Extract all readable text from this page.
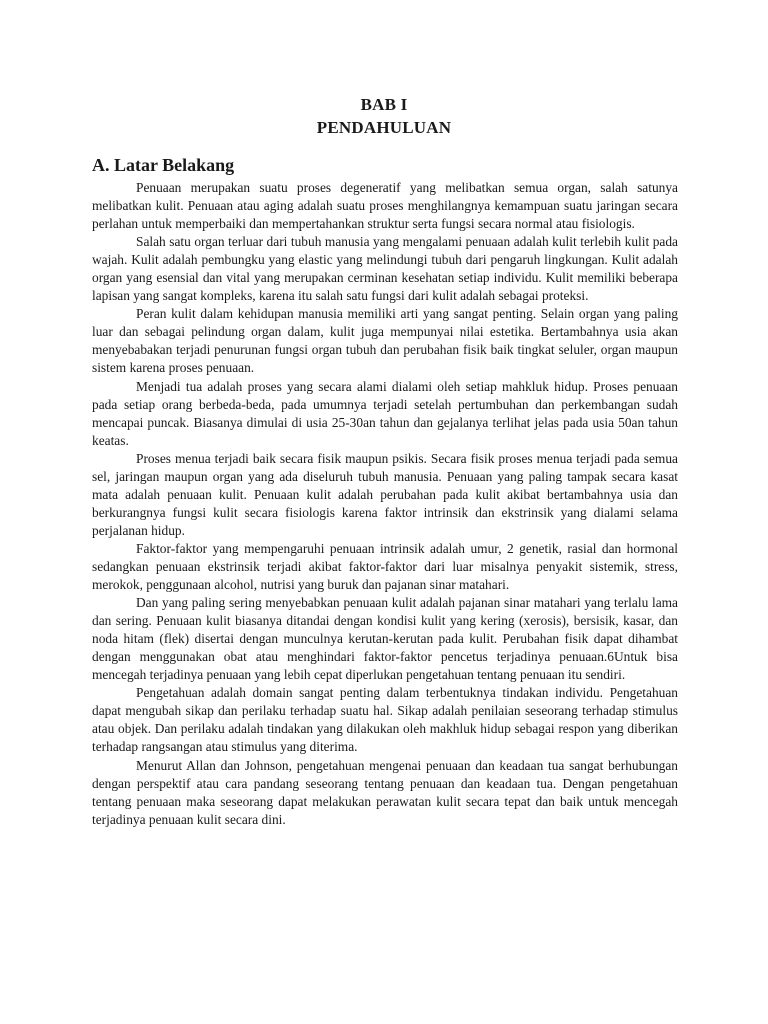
BAB I
PENDAHULUAN
A. Latar Belakang

Penuaan merupakan suatu proses degeneratif yang melibatkan semua organ, salah satunya melibatkan kulit. Penuaan atau aging adalah suatu proses menghilangnya kemampuan suatu jaringan secara perlahan untuk memperbaiki dan mempertahankan struktur serta fungsi secara normal atau fisiologis.

Salah satu organ terluar dari tubuh manusia yang mengalami penuaan adalah kulit terlebih kulit pada wajah. Kulit adalah pembungku yang elastic yang melindungi tubuh dari pengaruh lingkungan. Kulit adalah organ yang esensial dan vital yang merupakan cerminan kesehatan setiap individu. Kulit memiliki beberapa lapisan yang sangat kompleks, karena itu salah satu fungsi dari kulit adalah sebagai proteksi.

Peran kulit dalam kehidupan manusia memiliki arti yang sangat penting. Selain organ yang paling luar dan sebagai pelindung organ dalam, kulit juga mempunyai nilai estetika. Bertambahnya usia akan menyebabakan terjadi penurunan fungsi organ tubuh dan perubahan fisik baik tingkat seluler, organ maupun sistem karena proses penuaan.

Menjadi tua adalah proses yang secara alami dialami oleh setiap mahkluk hidup. Proses penuaan pada setiap orang berbeda-beda, pada umumnya terjadi setelah pertumbuhan dan perkembangan sudah mencapai puncak. Biasanya dimulai di usia 25-30an tahun dan gejalanya terlihat jelas pada usia 50an tahun keatas.

Proses menua terjadi baik secara fisik maupun psikis. Secara fisik proses menua terjadi pada semua sel, jaringan maupun organ yang ada diseluruh tubuh manusia. Penuaan yang paling tampak secara kasat mata adalah penuaan kulit. Penuaan kulit adalah perubahan pada kulit akibat bertambahnya usia dan berkurangnya fungsi kulit secara fisiologis karena faktor intrinsik dan ekstrinsik yang dialami selama perjalanan hidup.

Faktor-faktor yang mempengaruhi penuaan intrinsik adalah umur, 2 genetik, rasial dan hormonal sedangkan penuaan ekstrinsik terjadi akibat faktor-faktor dari luar misalnya penyakit sistemik, stress, merokok, penggunaan alcohol, nutrisi yang buruk dan pajanan sinar matahari.

Dan yang paling sering menyebabkan penuaan kulit adalah pajanan sinar matahari yang terlalu lama dan sering. Penuaan kulit biasanya ditandai dengan kondisi kulit yang kering (xerosis), bersisik, kasar, dan noda hitam (flek) disertai dengan munculnya kerutan-kerutan pada kulit. Perubahan fisik dapat dihambat dengan menggunakan obat atau menghindari faktor-faktor pencetus terjadinya penuaan.6Untuk bisa mencegah terjadinya penuaan yang lebih cepat diperlukan pengetahuan tentang penuaan itu sendiri.

Pengetahuan adalah domain sangat penting dalam terbentuknya tindakan individu. Pengetahuan dapat mengubah sikap dan perilaku terhadap suatu hal. Sikap adalah penilaian seseorang terhadap stimulus atau objek. Dan perilaku adalah tindakan yang dilakukan oleh makhluk hidup sebagai respon yang diberikan terhadap rangsangan atau stimulus yang diterima.

Menurut Allan dan Johnson, pengetahuan mengenai penuaan dan keadaan tua sangat berhubungan dengan perspektif atau cara pandang seseorang tentang penuaan dan keadaan tua. Dengan pengetahuan tentang penuaan maka seseorang dapat melakukan perawatan kulit secara tepat dan baik untuk mencegah terjadinya penuaan kulit secara dini.
